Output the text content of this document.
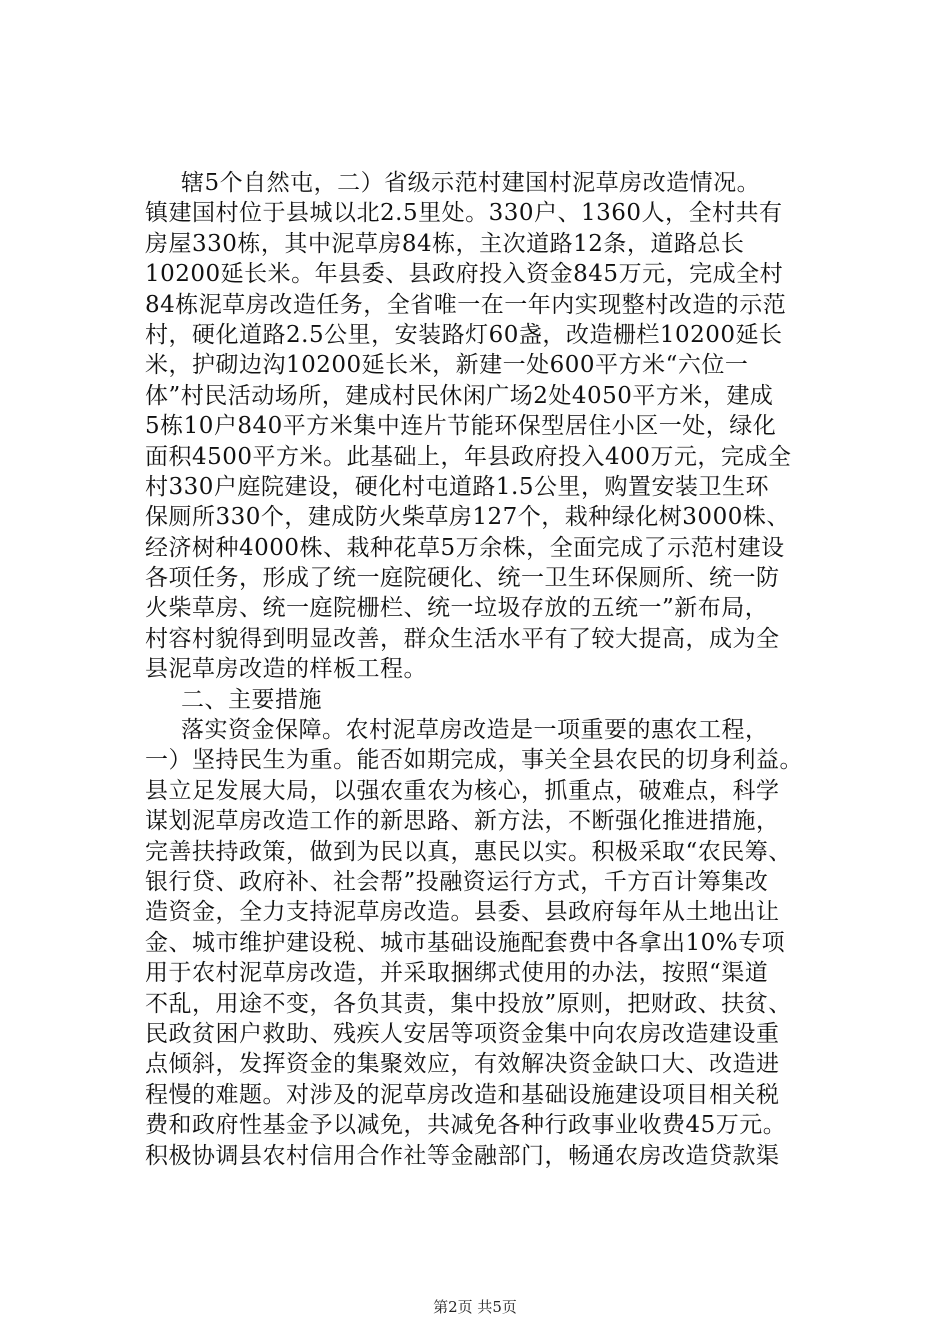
辖5个自然屯，二）省级示范村建国村泥草房改造情况。
镇建国村位于县城以北2.5里处。330户、1360人，全村共有
房屋330栋，其中泥草房84栋，主次道路12条，道路总长
10200延长米。年县委、县政府投入资金845万元，完成全村
84栋泥草房改造任务，全省唯一在一年内实现整村改造的示范
村，硬化道路2.5公里，安装路灯60盏，改造栅栏10200延长
米，护砌边沟10200延长米，新建一处600平方米“六位一
体”村民活动场所，建成村民休闲广场2处4050平方米，建成
5栋10户840平方米集中连片节能环保型居住小区一处，绿化
面积4500平方米。此基础上，年县政府投入400万元，完成全
村330户庭院建设，硬化村屯道路1.5公里，购置安装卫生环
保厕所330个，建成防火柴草房127个，栽种绿化树3000株、
经济树种4000株、栽种花草5万余株，全面完成了示范村建设
各项任务，形成了统一庭院硬化、统一卫生环保厕所、统一防
火柴草房、统一庭院栅栏、统一垃圾存放的五统一”新布局，
村容村貌得到明显改善，群众生活水平有了较大提高，成为全
县泥草房改造的样板工程。
二、主要措施
落实资金保障。农村泥草房改造是一项重要的惠农工程，
一）坚持民生为重。能否如期完成，事关全县农民的切身利益。
县立足发展大局，以强农重农为核心，抓重点，破难点，科学
谋划泥草房改造工作的新思路、新方法，不断强化推进措施，
完善扶持政策，做到为民以真，惠民以实。积极采取“农民筹、
银行贷、政府补、社会帮”投融资运行方式，千方百计筹集改
造资金，全力支持泥草房改造。县委、县政府每年从土地出让
金、城市维护建设税、城市基础设施配套费中各拿出10%专项
用于农村泥草房改造，并采取捆绑式使用的办法，按照“渠道
不乱，用途不变，各负其责，集中投放”原则，把财政、扶贫、
民政贫困户救助、残疾人安居等项资金集中向农房改造建设重
点倾斜，发挥资金的集聚效应，有效解决资金缺口大、改造进
程慢的难题。对涉及的泥草房改造和基础设施建设项目相关税
费和政府性基金予以减免，共减免各种行政事业收费45万元。
积极协调县农村信用合作社等金融部门，畅通农房改造贷款渠
第2页 共5页
